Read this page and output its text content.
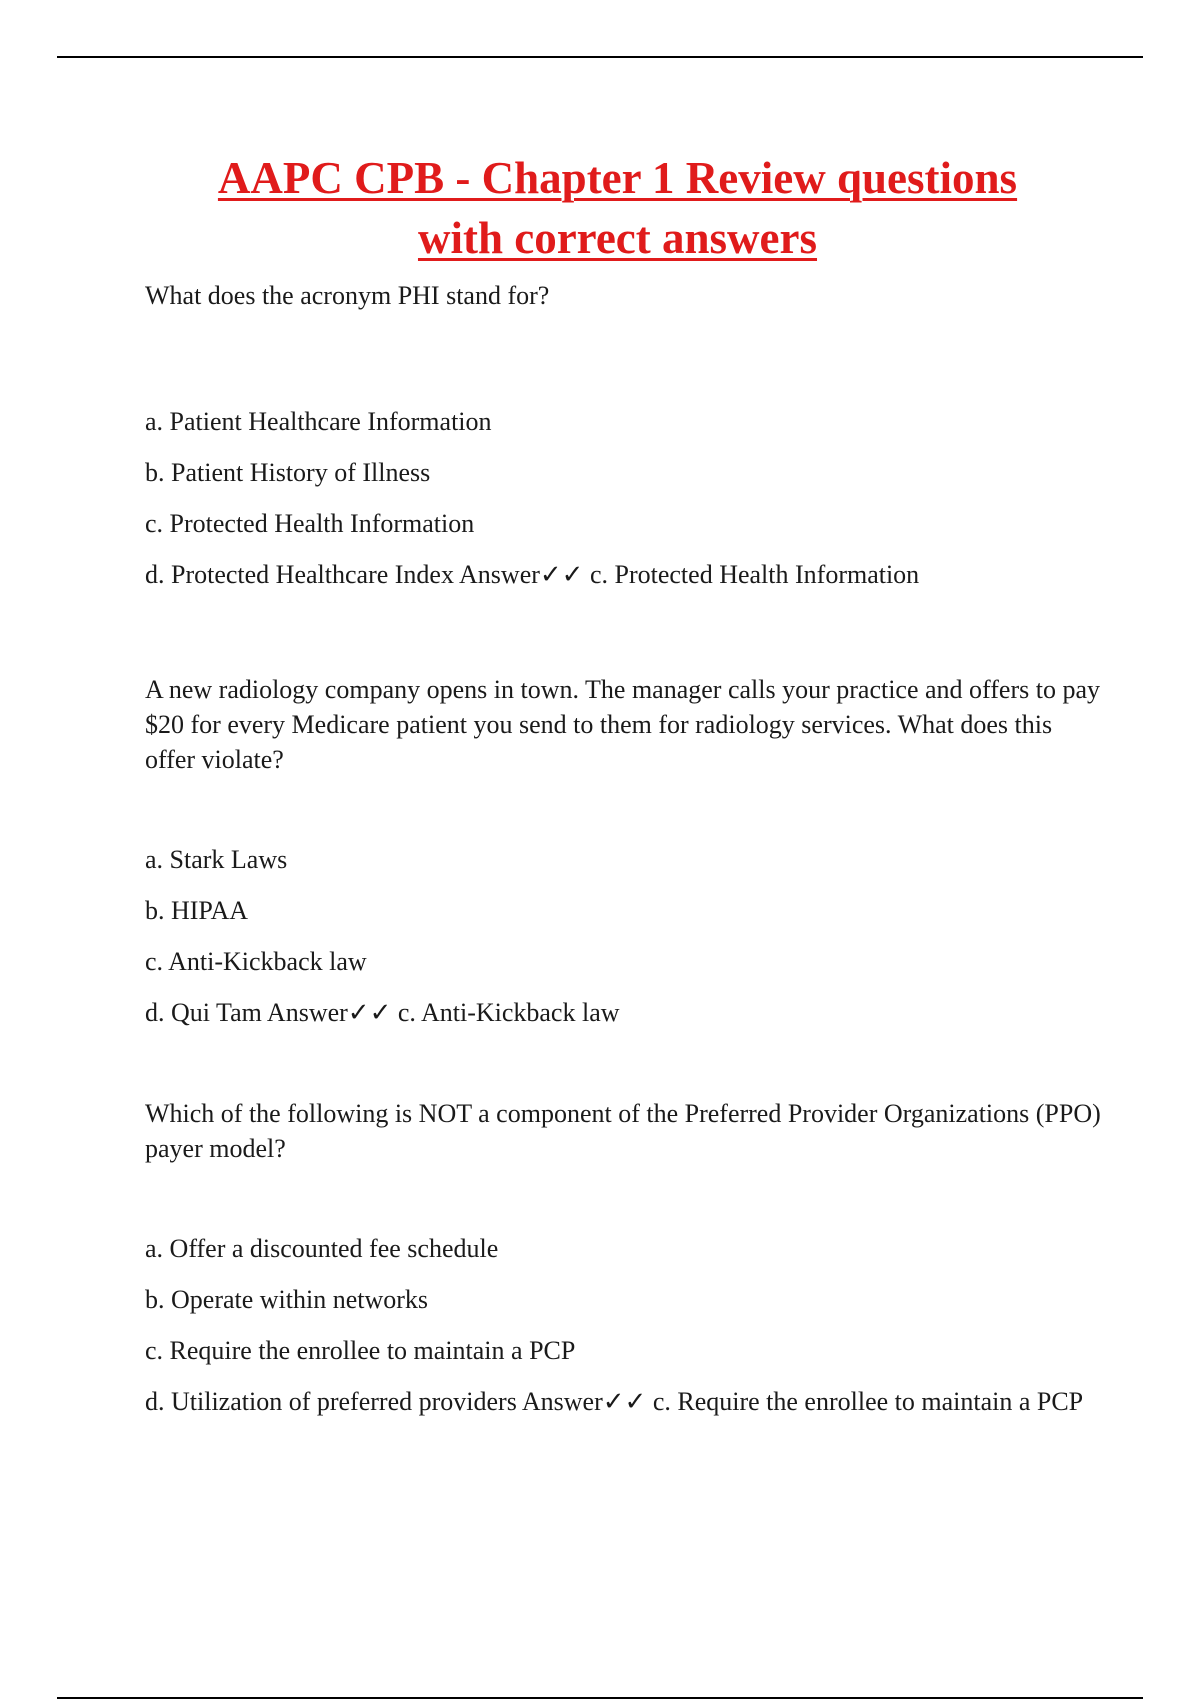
AAPC CPB - Chapter 1 Review questions
with correct answers

What does the acronym PHI stand for?

a. Patient Healthcare Information
b. Patient History of Illness
c. Protected Health Information
d. Protected Healthcare Index Answer✓✓ c. Protected Health Information

A new radiology company opens in town. The manager calls your practice and offers to pay $20 for every Medicare patient you send to them for radiology services. What does this offer violate?

a. Stark Laws
b. HIPAA
c. Anti-Kickback law
d. Qui Tam Answer✓✓ c. Anti-Kickback law

Which of the following is NOT a component of the Preferred Provider Organizations (PPO) payer model?

a. Offer a discounted fee schedule
b. Operate within networks
c. Require the enrollee to maintain a PCP
d. Utilization of preferred providers Answer✓✓ c. Require the enrollee to maintain a PCP
